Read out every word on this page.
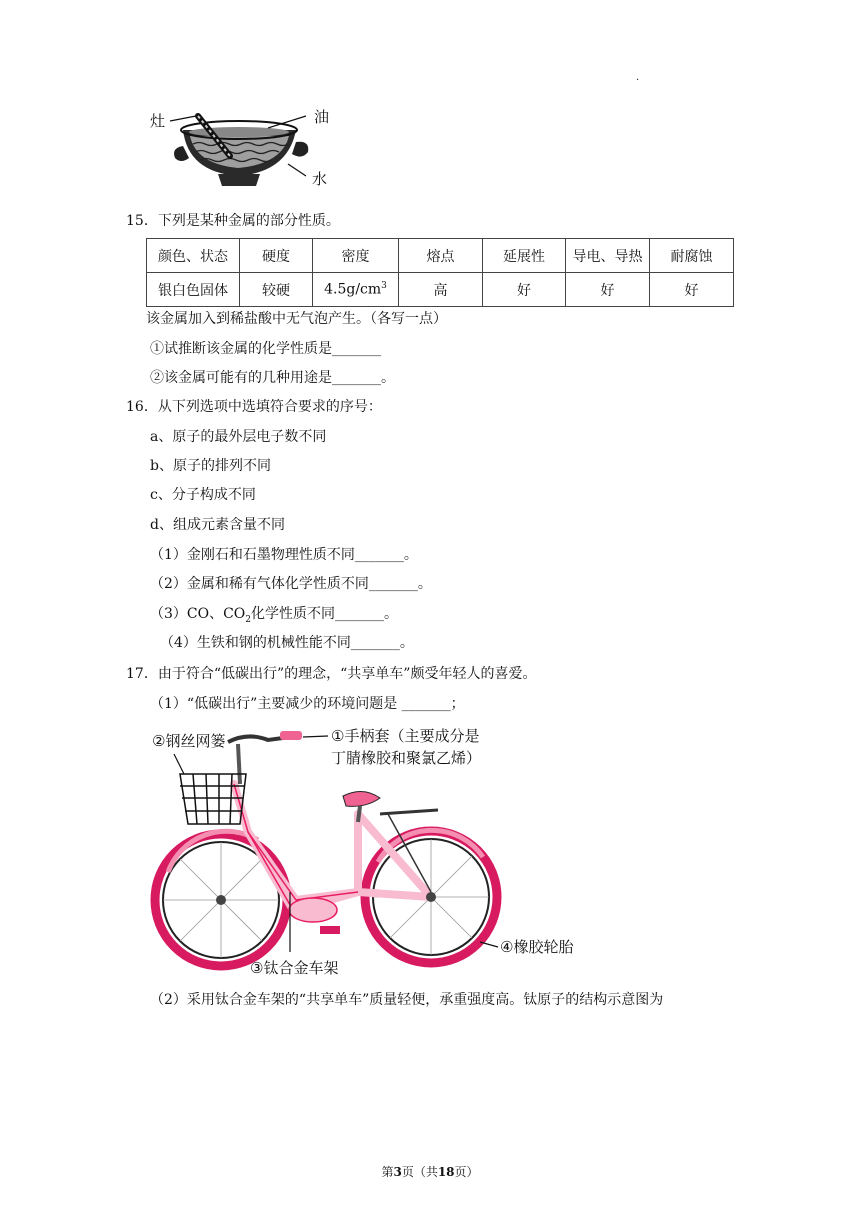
.
灶	油
水
15．下列是某种金属的部分性质。
颜色、状态	硬度	密度	熔点	延展性	导电、导热	耐腐蚀
银白色固体	较硬	$4.5g/cm^3$	高	好	好	好
该金属加入到稀盐酸中无气泡产生。（各写一点）
①试推断该金属的化学性质是_______
②该金属可能有的几种用途是_______。
16．从下列选项中选填符合要求的序号：
a、原子的最外层电子数不同
b、原子的排列不同
c、分子构成不同
d、组成元素含量不同
（1）金刚石和石墨物理性质不同_______。
（2）金属和稀有气体化学性质不同_______。
（3）CO、$CO_2$化学性质不同_______。
（4）生铁和钢的机械性能不同_______。
17．由于符合“低碳出行”的理念，“共享单车”颇受年轻人的喜爱。
（1）“低碳出行”主要减少的环境问题是 _______；
②钢丝网篓	①手柄套（主要成分是
丁腈橡胶和聚氯乙烯）
④橡胶轮胎
③钛合金车架
（2）采用钛合金车架的“共享单车”质量轻便，承重强度高。钛原子的结构示意图为
第3页（共18页）
